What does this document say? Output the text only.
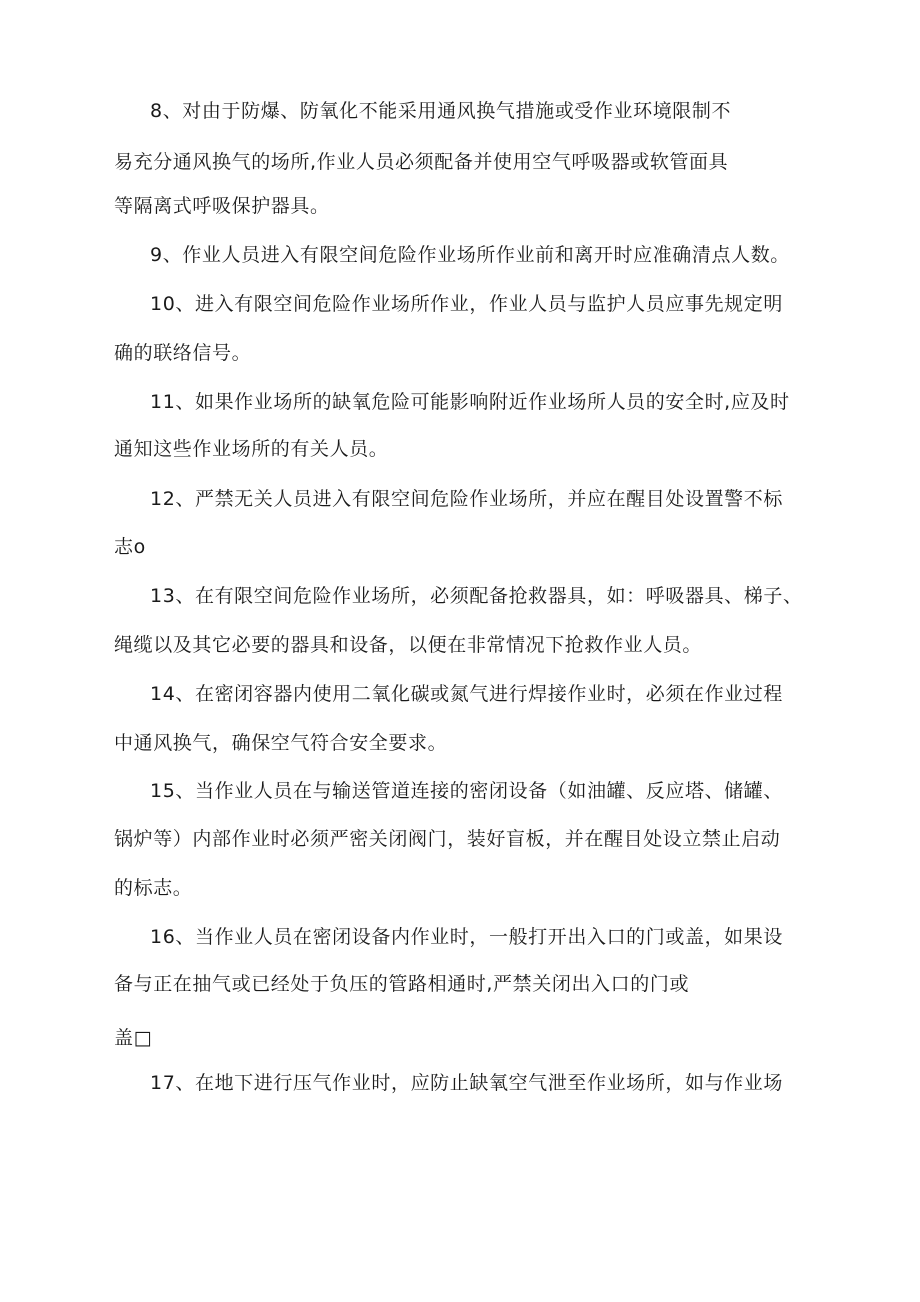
8、对由于防爆、防氧化不能采用通风换气措施或受作业环境限制不
易充分通风换气的场所,作业人员必须配备并使用空气呼吸器或软管面具
等隔离式呼吸保护器具。
9、作业人员进入有限空间危险作业场所作业前和离开时应准确清点人数。
10、进入有限空间危险作业场所作业，作业人员与监护人员应事先规定明
确的联络信号。
11、如果作业场所的缺氧危险可能影响附近作业场所人员的安全时,应及时
通知这些作业场所的有关人员。
12、严禁无关人员进入有限空间危险作业场所，并应在醒目处设置警不标
志o
13、在有限空间危险作业场所，必须配备抢救器具，如：呼吸器具、梯子、
绳缆以及其它必要的器具和设备，以便在非常情况下抢救作业人员。
14、在密闭容器内使用二氧化碳或氮气进行焊接作业时，必须在作业过程
中通风换气，确保空气符合安全要求。
15、当作业人员在与输送管道连接的密闭设备（如油罐、反应塔、储罐、
锅炉等）内部作业时必须严密关闭阀门，装好盲板，并在醒目处设立禁止启动
的标志。
16、当作业人员在密闭设备内作业时，一般打开出入口的门或盖，如果设
备与正在抽气或已经处于负压的管路相通时,严禁关闭出入口的门或
盖□
17、在地下进行压气作业时，应防止缺氧空气泄至作业场所，如与作业场
